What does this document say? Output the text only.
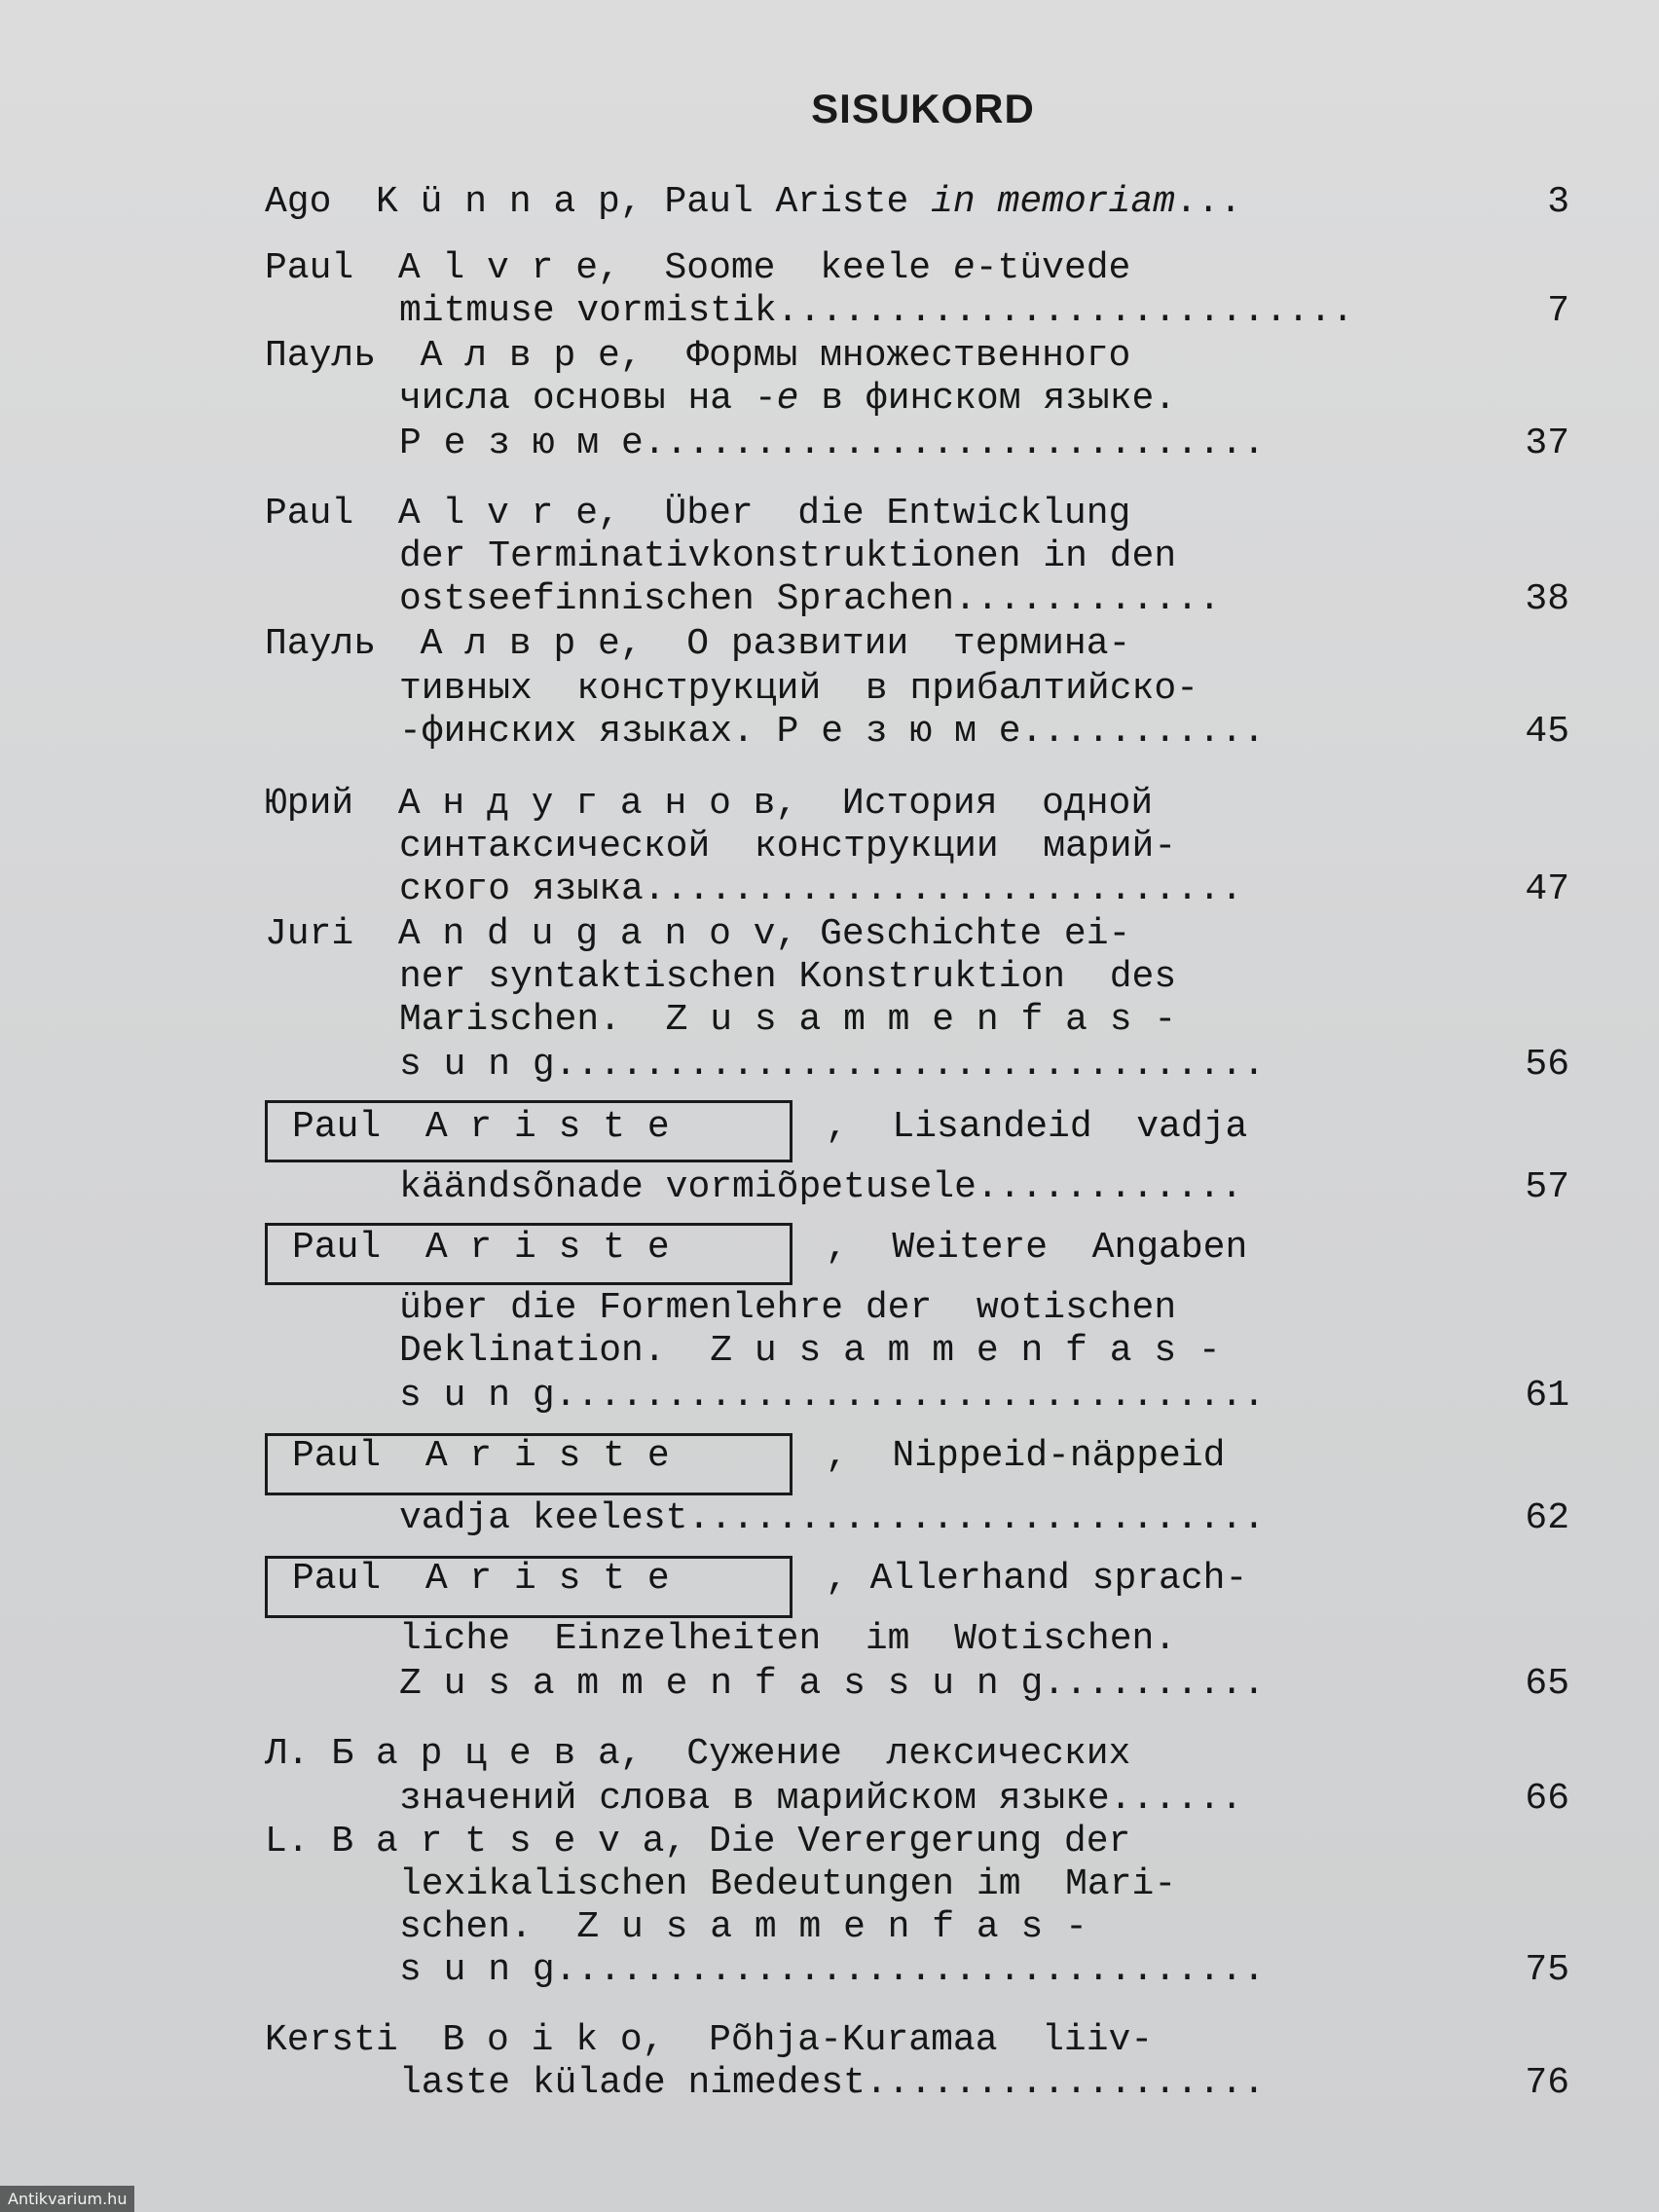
SISUKORD
Ago  K ü n n a p, Paul Ariste in memoriam...	3
Paul  A l v r e,  Soome  keele e-tüvede
mitmuse vormistik..........................	7
Пауль  А л в р е,  Формы множественного
числа основы на -e в финском языке.
Р е з ю м е............................	37
Paul  A l v r e,  Über  die Entwicklung
der Terminativkonstruktionen in den
ostseefinnischen Sprachen............	38
Пауль  А л в р е,  О развитии  термина-
тивных  конструкций  в прибалтийско-
-финских языках. Р е з ю м е...........	45
Юрий  А н д у г а н о в,  История  одной
синтаксической  конструкции  марий-
ского языка...........................	47
Juri  A n d u g a n o v, Geschichte ei-
ner syntaktischen Konstruktion  des
Marischen.  Z u s a m m e n f a s -
s u n g................................	56
Paul  A r i s t e	,  Lisandeid  vadja
käändsõnade vormiõpetusele............	57
Paul  A r i s t e	,  Weitere  Angaben
über die Formenlehre der  wotischen
Deklination.  Z u s a m m e n f a s -
s u n g................................	61
Paul  A r i s t e	,  Nippeid-näppeid
vadja keelest..........................	62
Paul  A r i s t e	, Allerhand sprach-
liche  Einzelheiten  im  Wotischen.
Z u s a m m e n f a s s u n g..........	65
Л. Б а р ц е в а,  Сужение  лексических
значений слова в марийском языке......	66
L. B a r t s e v a, Die Verergerung der
lexikalischen Bedeutungen im  Mari-
schen.  Z u s a m m e n f a s -
s u n g................................	75
Kersti  B o i k o,  Põhja-Kuramaa  liiv-
laste külade nimedest..................	76
Antikvarium.hu
